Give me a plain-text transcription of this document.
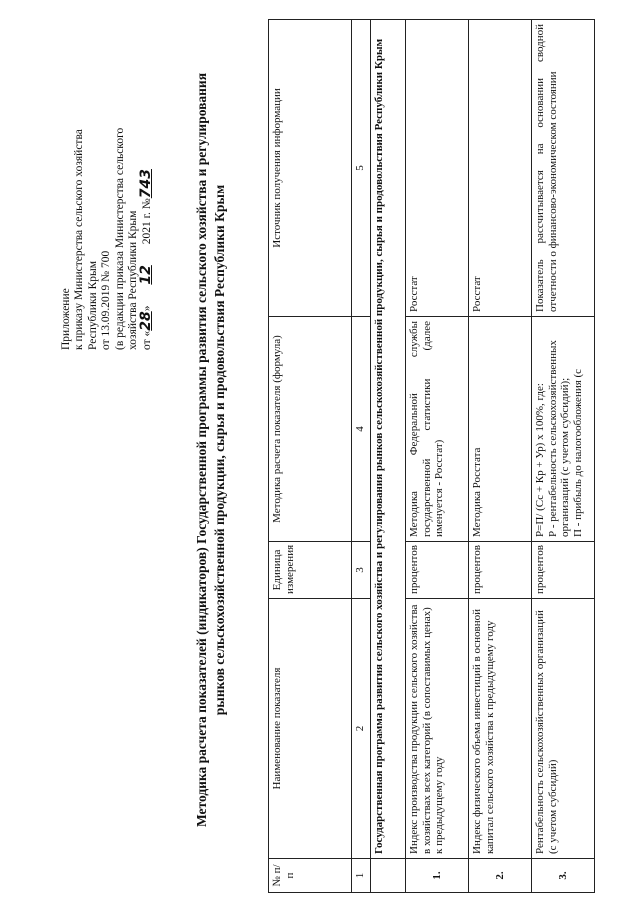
Приложение к приказу Министерства сельского хозяйства Республики Крым от 13.09.2019 № 700 (в редакции приказа Министерства сельского хозяйства Республики Крым от «28» 12 2021 г. №743	Методика расчета показателей (индикаторов) Государственной программы развития сельского хозяйства и регулирования рынков сельскохозяйственной продукции, сырья и продовольствия Республики Крым
№ п/п	Наименование показателя	Единица измерения	Методика расчета показателя (формула)	Источник получения информации
1	2	3	4	5
	Государственная программа развития сельского хозяйства и регулирования рынков сельскохозяйственной продукции, сырья и продовольствия Республики Крым			
1.	Индекс производства продукции сельского хозяйства в хозяйствах всех категорий (в сопоставимых ценах) к предыдущему году	процентов	Методика Федеральной службы государственной статистики (далее именуется - Росстат)	Росстат
2.	Индекс физического объема инвестиций в основной капитал сельского хозяйства к предыдущему году	процентов	Методика Росстата	Росстат
3.	Рентабельность сельскохозяйственных организаций (с учетом субсидий)	процентов	Р=П/ (Сс + Кр + Ур) х 100%, где: Р - рентабельность сельскохозяйственных организаций (с учетом субсидий); П - прибыль до налогообложения (с	Показатель рассчитывается на основании сводной отчетности о финансово-экономическом состоянии
